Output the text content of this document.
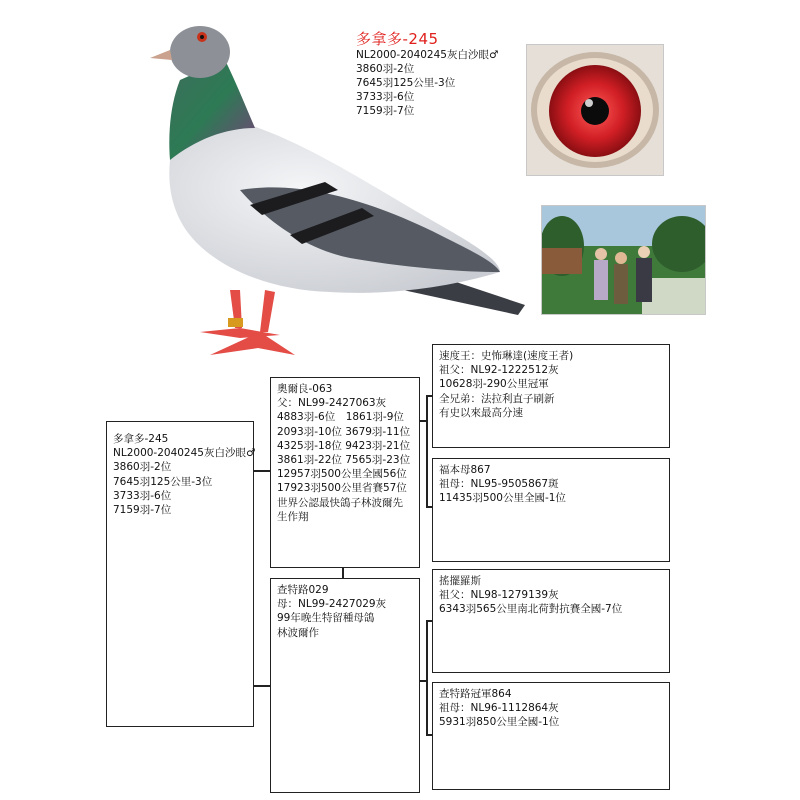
多拿多-245
NL2000-2040245灰白沙眼♂
3860羽-2位
7645羽125公里-3位
3733羽-6位
7159羽-7位
多拿多-245
NL2000-2040245灰白沙眼♂
3860羽-2位
7645羽125公里-3位
3733羽-6位
7159羽-7位
奧爾良-063
父：NL99-2427063灰
4883羽-6位　1861羽-9位
2093羽-10位 3679羽-11位
4325羽-18位 9423羽-21位
3861羽-22位 7565羽-23位
12957羽500公里全國56位
17923羽500公里省賽57位
世界公認最快鴿子林波爾先
生作翔
查特路029
母：NL99-2427029灰
99年晚生特留種母鴿
林波爾作
速度王：史怖琳達(速度王者)
祖父：NL92-1222512灰
10628羽-290公里冠軍
全兄弟：法拉利直子刷新
有史以來最高分速
福本母867
祖母：NL95-9505867斑
11435羽500公里全國-1位
搖擺羅斯
祖父：NL98-1279139灰
6343羽565公里南北荷對抗賽全國-7位
查特路冠軍864
祖母：NL96-1112864灰
5931羽850公里全國-1位
